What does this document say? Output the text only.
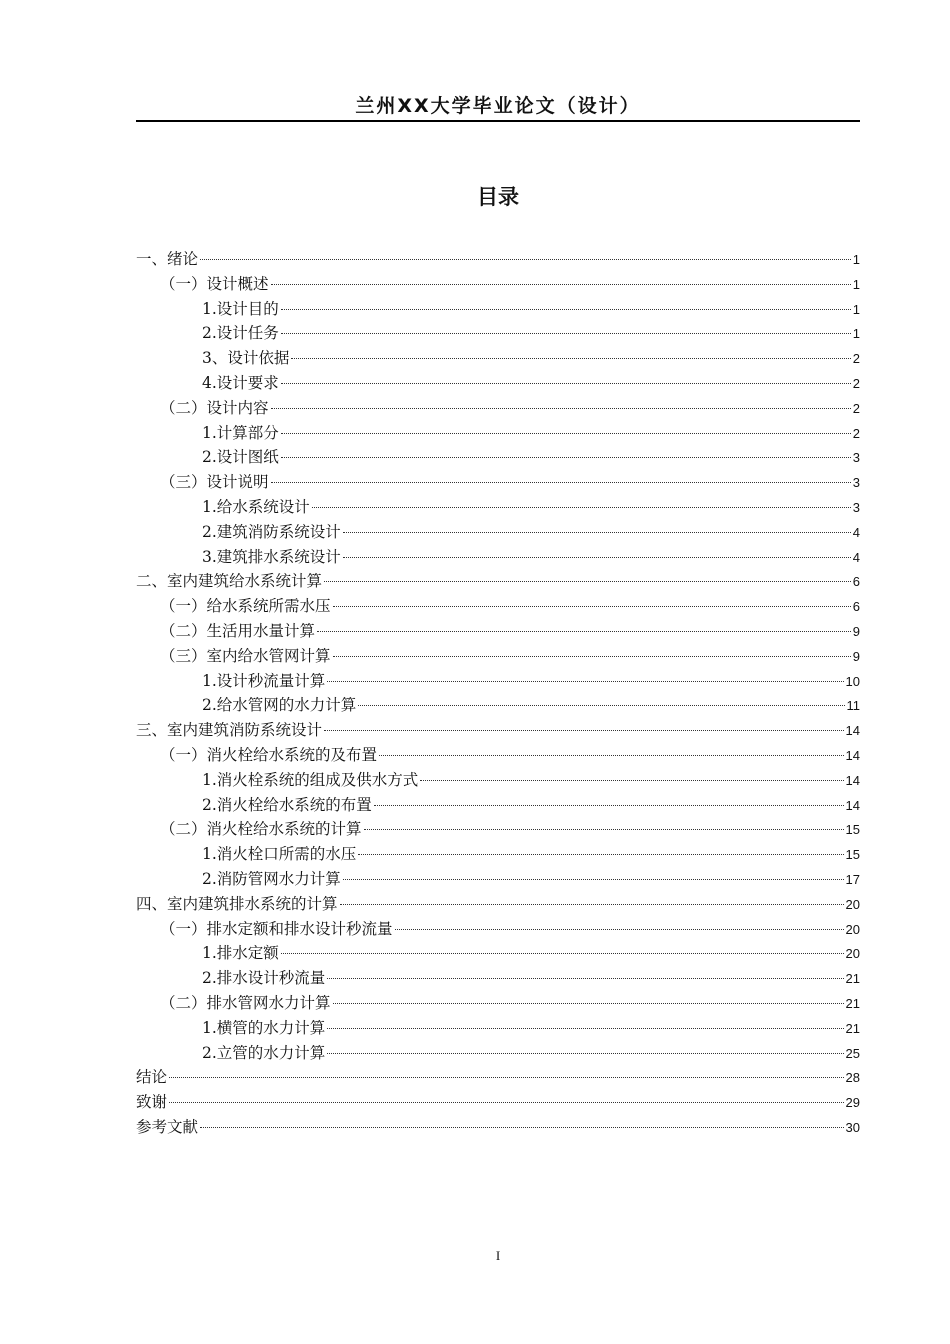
兰州XX大学毕业论文（设计）
目录
一、绪论	1
（一）设计概述	1
1.设计目的	1
2.设计任务	1
3、设计依据	2
4.设计要求	2
（二）设计内容	2
1.计算部分	2
2.设计图纸	3
（三）设计说明	3
1.给水系统设计	3
2.建筑消防系统设计	4
3.建筑排水系统设计	4
二、室内建筑给水系统计算	6
（一）给水系统所需水压	6
（二）生活用水量计算	9
（三）室内给水管网计算	9
1.设计秒流量计算	10
2.给水管网的水力计算	11
三、室内建筑消防系统设计	14
（一）消火栓给水系统的及布置	14
1.消火栓系统的组成及供水方式	14
2.消火栓给水系统的布置	14
（二）消火栓给水系统的计算	15
1.消火栓口所需的水压	15
2.消防管网水力计算	17
四、室内建筑排水系统的计算	20
（一）排水定额和排水设计秒流量	20
1.排水定额	20
2.排水设计秒流量	21
（二）排水管网水力计算	21
1.横管的水力计算	21
2.立管的水力计算	25
结论	28
致谢	29
参考文献	30
I
